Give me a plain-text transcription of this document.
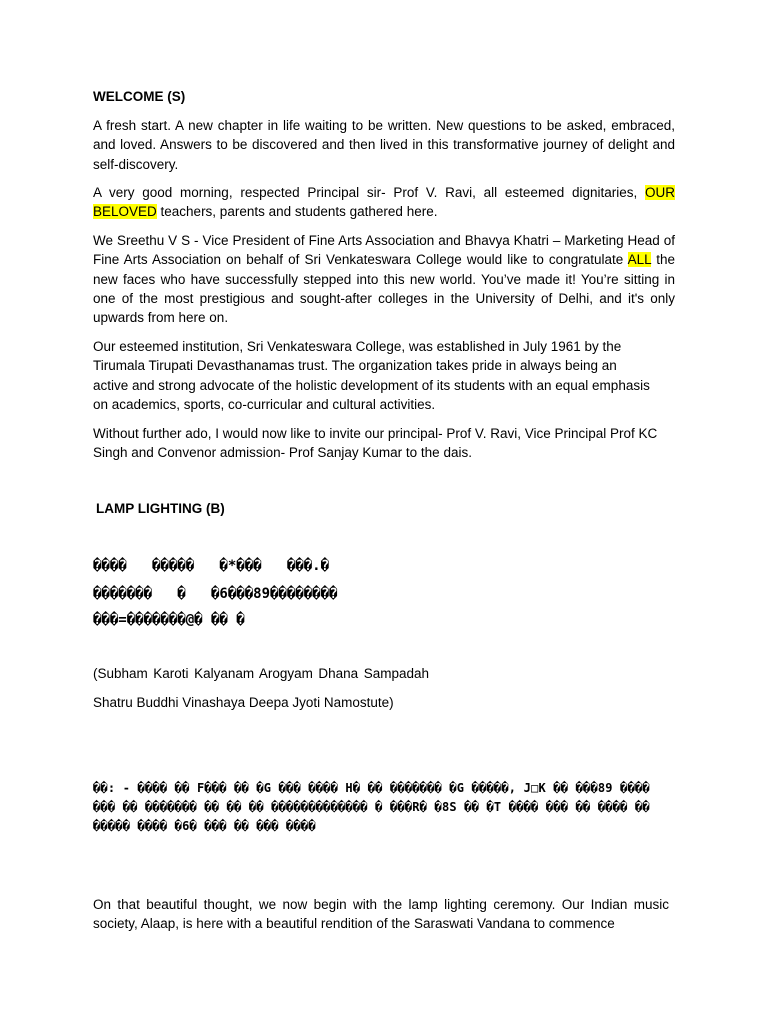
WELCOME (S)

A fresh start. A new chapter in life waiting to be written. New questions to be asked, embraced, and loved. Answers to be discovered and then lived in this transformative journey of delight and self-discovery.

A very good morning, respected Principal sir- Prof V. Ravi, all esteemed dignitaries, OUR BELOVED teachers, parents and students gathered here.

We Sreethu V S - Vice President of Fine Arts Association and Bhavya Khatri – Marketing Head of Fine Arts Association on behalf of Sri Venkateswara College would like to congratulate ALL the new faces who have successfully stepped into this new world. You’ve made it! You’re sitting in one of the most prestigious and sought-after colleges in the University of Delhi, and it's only upwards from here on.

Our esteemed institution, Sri Venkateswara College, was established in July 1961 by the Tirumala Tirupati Devasthanamas trust. The organization takes pride in always being an active and strong advocate of the holistic development of its students with an equal emphasis on academics, sports, co-curricular and cultural activities.

Without further ado, I would now like to invite our principal- Prof V. Ravi, Vice Principal Prof KC Singh and Convenor admission- Prof Sanjay Kumar to the dais.

LAMP LIGHTING (B)
����   �����   �*���   ���.�
�������   �   �6���89��������
���=�������@� �� �

(Subham Karoti Kalyanam Arogyam Dhana Sampadah Shatru Buddhi Vinashaya Deepa Jyoti Namostute)

��: - ���� �� F��� �� �G ��� ���� H� �� ������� �G �����, J□K �� ���89 ���� ��� �� ������� �� �� �� ������������� � ���R� �8S �� �T ���� ��� �� ���� �� ����� ���� �6� ��� �� ��� ����

On that beautiful thought, we now begin with the lamp lighting ceremony. Our Indian music society, Alaap, is here with a beautiful rendition of the Saraswati Vandana to commence
